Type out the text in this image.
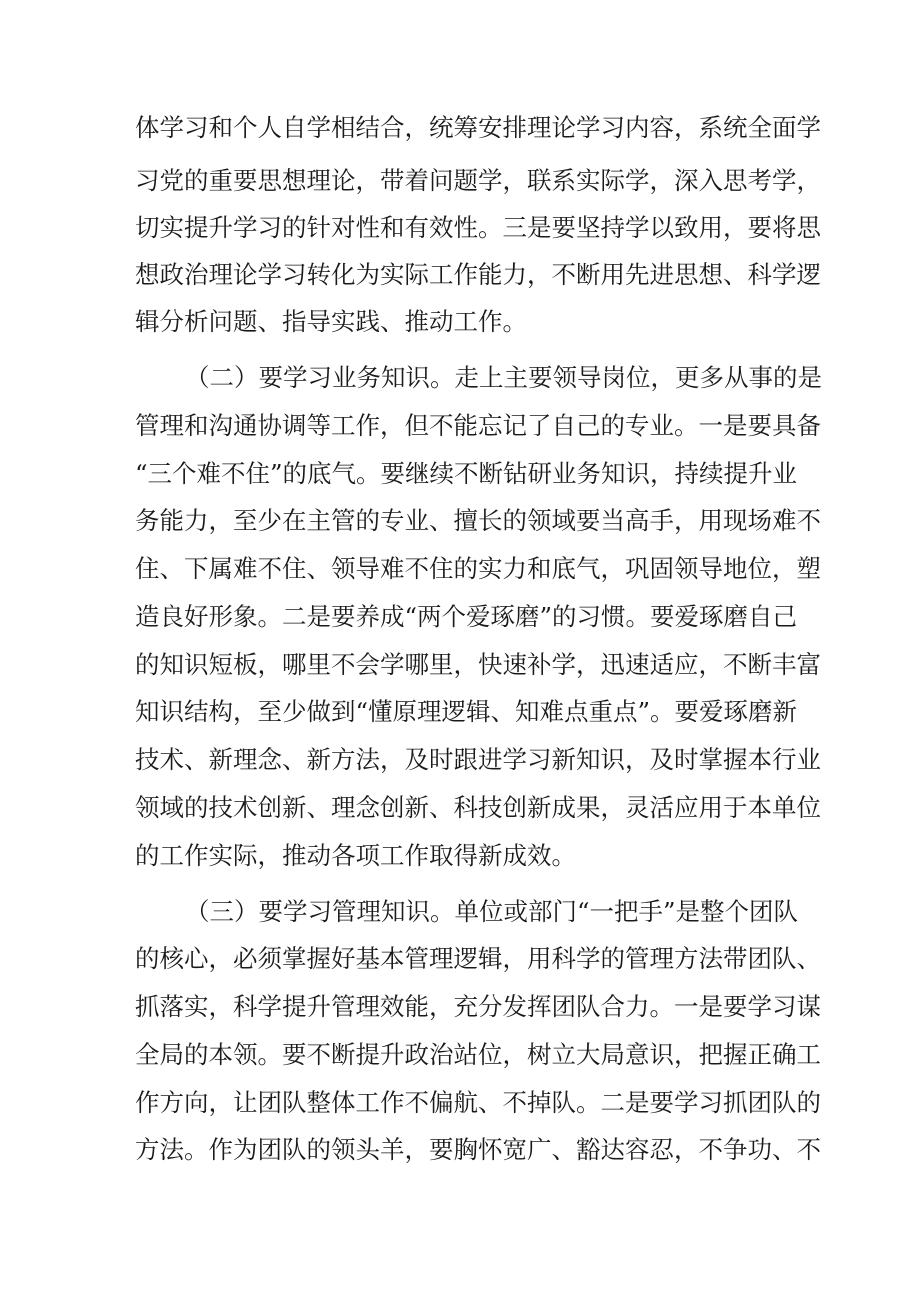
体学习和个人自学相结合，统筹安排理论学习内容，系统全面学
习党的重要思想理论，带着问题学，联系实际学，深入思考学，
切实提升学习的针对性和有效性。三是要坚持学以致用，要将思
想政治理论学习转化为实际工作能力，不断用先进思想、科学逻
辑分析问题、指导实践、推动工作。
（二）要学习业务知识。走上主要领导岗位，更多从事的是
管理和沟通协调等工作，但不能忘记了自己的专业。一是要具备
“三个难不住”的底气。要继续不断钻研业务知识，持续提升业
务能力，至少在主管的专业、擅长的领域要当高手，用现场难不
住、下属难不住、领导难不住的实力和底气，巩固领导地位，塑
造良好形象。二是要养成“两个爱琢磨”的习惯。要爱琢磨自己
的知识短板，哪里不会学哪里，快速补学，迅速适应，不断丰富
知识结构，至少做到“懂原理逻辑、知难点重点”。要爱琢磨新
技术、新理念、新方法，及时跟进学习新知识，及时掌握本行业
领域的技术创新、理念创新、科技创新成果，灵活应用于本单位
的工作实际，推动各项工作取得新成效。
（三）要学习管理知识。单位或部门“一把手”是整个团队
的核心，必须掌握好基本管理逻辑，用科学的管理方法带团队、
抓落实，科学提升管理效能，充分发挥团队合力。一是要学习谋
全局的本领。要不断提升政治站位，树立大局意识，把握正确工
作方向，让团队整体工作不偏航、不掉队。二是要学习抓团队的
方法。作为团队的领头羊，要胸怀宽广、豁达容忍，不争功、不
